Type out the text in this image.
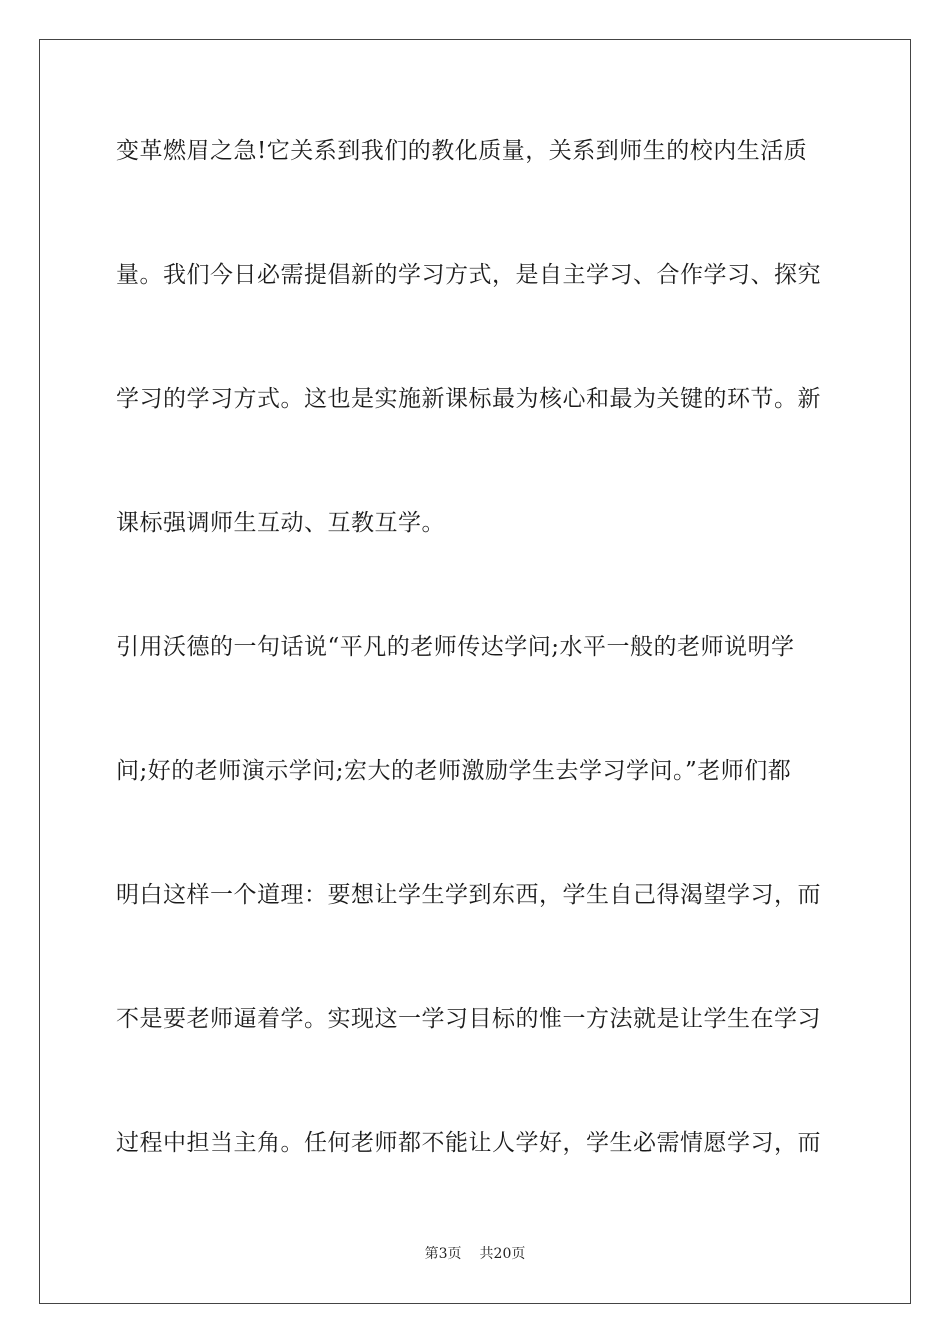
变革燃眉之急!它关系到我们的教化质量，关系到师生的校内生活质
量。我们今日必需提倡新的学习方式，是自主学习、合作学习、探究
学习的学习方式。这也是实施新课标最为核心和最为关键的环节。新
课标强调师生互动、互教互学。
引用沃德的一句话说“平凡的老师传达学问;水平一般的老师说明学
问;好的老师演示学问;宏大的老师激励学生去学习学问。”老师们都
明白这样一个道理：要想让学生学到东西，学生自己得渴望学习，而
不是要老师逼着学。实现这一学习目标的惟一方法就是让学生在学习
过程中担当主角。任何老师都不能让人学好，学生必需情愿学习，而
第3页 共20页
